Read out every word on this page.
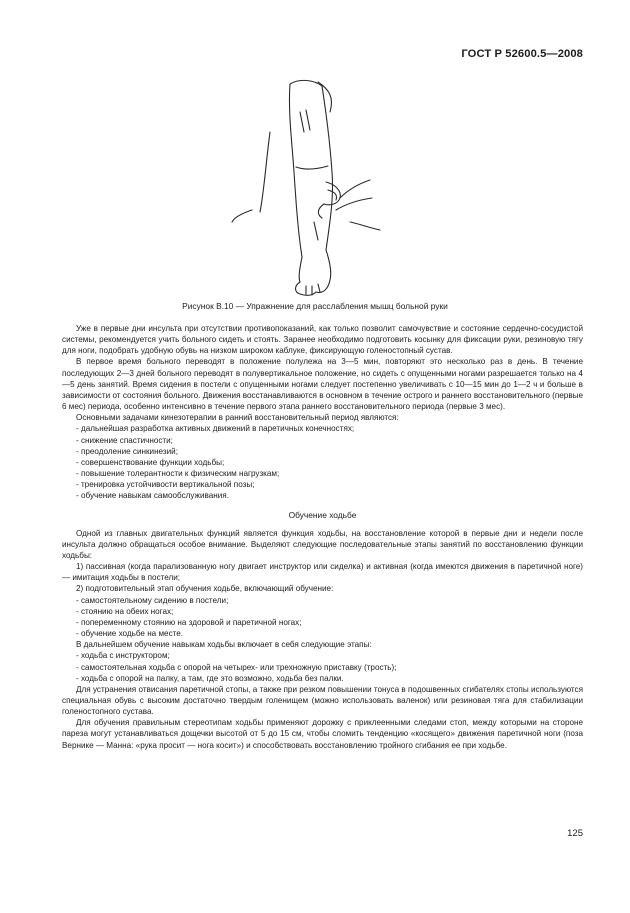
ГОСТ Р 52600.5—2008
Рисунок В.10 — Упражнение для расслабления мышц больной руки

Уже в первые дни инсульта при отсутствии противопоказаний, как только позволит самочувствие и состояние сердечно-сосудистой системы, рекомендуется учить больного сидеть и стоять. Заранее необходимо подготовить косынку для фиксации руки, резиновую тягу для ноги, подобрать удобную обувь на низком широком каблуке, фиксирующую голеностопный сустав.

В первое время больного переводят в положение полулежа на 3—5 мин, повторяют это несколько раз в день. В течение последующих 2—3 дней больного переводят в полувертикальное положение, но сидеть с опущенными ногами разрешается только на 4—5 день занятий. Время сидения в постели с опущенными ногами следует постепенно увеличивать с 10—15 мин до 1—2 ч и больше в зависимости от состояния больного. Движения восстанавливаются в основном в течение острого и раннего восстановительного (первые 6 мес) периода, особенно интенсивно в течение первого этапа раннего восстановительного периода (первые 3 мес).

Основными задачами кинезотерапии в ранний восстановительный период являются:

- дальнейшая разработка активных движений в паретичных конечностях;

- снижение спастичности;

- преодоление синкинезий;

- совершенствование функции ходьбы;

- повышение толерантности к физическим нагрузкам;

- тренировка устойчивости вертикальной позы;

- обучение навыкам самообслуживания.

Обучение ходьбе

Одной из главных двигательных функций является функция ходьбы, на восстановление которой в первые дни и недели после инсульта должно обращаться особое внимание. Выделяют следующие последовательные этапы занятий по восстановлению функции ходьбы:

1) пассивная (когда парализованную ногу двигает инструктор или сиделка) и активная (когда имеются движения в паретичной ноге) — имитация ходьбы в постели;

2) подготовительный этап обучения ходьбе, включающий обучение:

- самостоятельному сидению в постели;

- стоянию на обеих ногах;

- попеременному стоянию на здоровой и паретичной ногах;

- обучение ходьбе на месте.

В дальнейшем обучение навыкам ходьбы включает в себя следующие этапы:

- ходьба с инструктором;

- самостоятельная ходьба с опорой на четырех- или трехножную приставку (трость);

- ходьба с опорой на палку, а там, где это возможно, ходьба без палки.

Для устранения отвисания паретичной стопы, а также при резком повышении тонуса в подошвенных сгибателях стопы используются специальная обувь с высоким достаточно твердым голенищем (можно использовать валенок) или резиновая тяга для стабилизации голеностопного сустава.

Для обучения правильным стереотипам ходьбы применяют дорожку с приклеенными следами стоп, между которыми на стороне пареза могут устанавливаться дощечки высотой от 5 до 15 см, чтобы сломить тенденцию «косящего» движения паретичной ноги (поза Вернике — Манна: «рука просит — нога косит») и способствовать восстановлению тройного сгибания ее при ходьбе.

125
